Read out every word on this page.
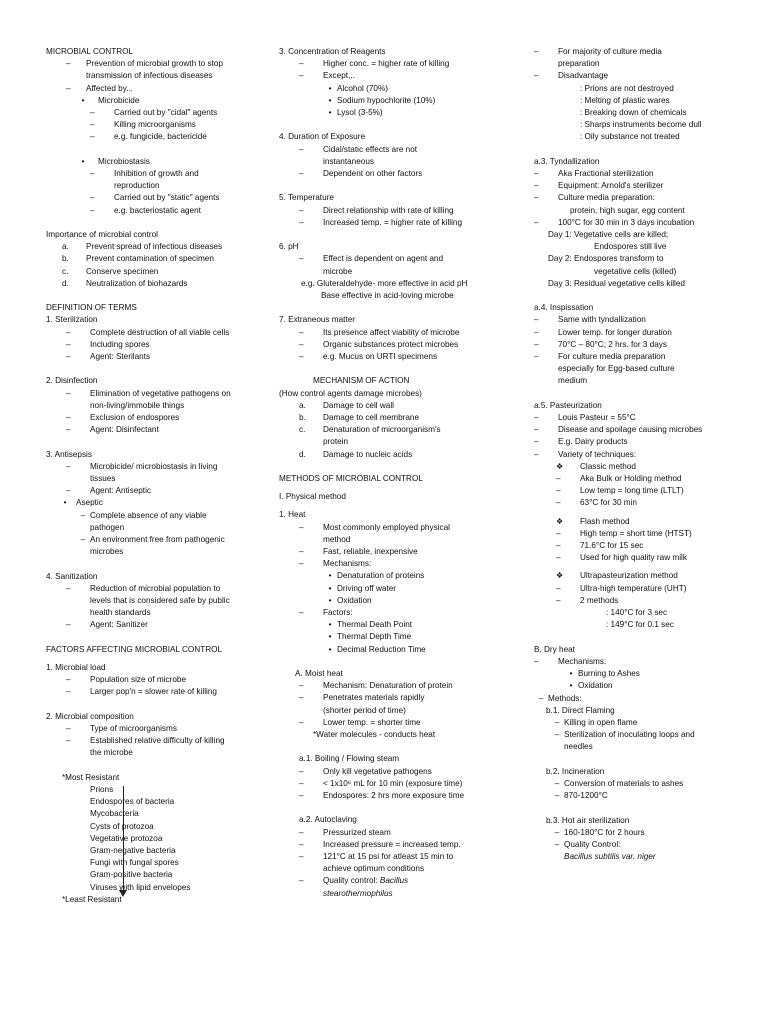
MICROBIAL CONTROL
– Prevention of microbial growth to stop
transmission of infectious diseases
– Affected by...
• Microbicide
– Carried out by "cidal" agents
– Killing microorganisms
– e.g. fungicide, bactericide
• Microbiostasis
– Inhibition of growth and
reproduction
– Carried out by "static" agents
– e.g. bacteriostatic agent
Importance of microbial control
a. Prevent spread of infectious diseases
b. Prevent contamination of specimen
c. Conserve specimen
d. Neutralization of biohazards
DEFINITION OF TERMS
1. Sterilization
– Complete destruction of all viable cells
– Including spores
– Agent: Sterilants
2. Disinfection
– Elimination of vegetative pathogens on
non-living/immobile things
– Exclusion of endospores
– Agent: Disinfectant
3. Antisepsis
– Microbicide/ microbiostasis in living
tissues
– Agent: Antiseptic
• Aseptic
– Complete absence of any viable
pathogen
– An environment free from pathogenic
microbes
4. Sanitization
– Reduction of microbial population to
levels that is considered safe by public
health standards
– Agent: Sanitizer
FACTORS AFFECTING MICROBIAL CONTROL
1. Microbial load
– Population size of microbe
– Larger pop'n = slower rate of killing
2. Microbial composition
– Type of microorganisms
– Established relative difficulty of killing
the microbe
*Most Resistant
Prions
Endospores of bacteria
Mycobacteria
Cysts of protozoa
Vegetative protozoa
Gram-negative bacteria
Fungi with fungal spores
Gram-positive bacteria
Viruses with lipid envelopes
*Least Resistant
3. Concentration of Reagents
– Higher conc. = higher rate of killing
– Except...
• Alcohol (70%)
• Sodium hypochlorite (10%)
• Lysol (3-5%)
4. Duration of Exposure
– Cidal/static effects are not
instantaneous
– Dependent on other factors
5. Temperature
– Direct relationship with rate of killing
– Increased temp. = higher rate of killing
6. pH
– Effect is dependent on agent and
microbe
e.g. Gluteraldehyde- more effective in acid pH
Base effective in acid-loving microbe
7. Extraneous matter
– Its presence affect viability of microbe
– Organic substances protect microbes
– e.g. Mucus on URTI specimens
MECHANISM OF ACTION
(How control agents damage microbes)
a. Damage to cell wall
b. Damage to cell membrane
c. Denaturation of microorganism's
protein
d. Damage to nucleic acids
METHODS OF MICROBIAL CONTROL
I. Physical method
1. Heat
– Most commonly employed physical
method
– Fast, reliable, inexpensive
– Mechanisms:
• Denaturation of proteins
• Driving off water
• Oxidation
– Factors:
• Thermal Death Point
• Thermal Depth Time
• Decimal Reduction Time
A. Moist heat
– Mechanism: Denaturation of protein
– Penetrates materials rapidly
(shorter period of time)
– Lower temp. = shorter time
*Water molecules - conducts heat
a.1. Boiling / Flowing steam
– Only kill vegetative pathogens
– < 1x10⁶ mL for 10 min (exposure time)
– Endospores: 2 hrs more exposure time
a.2. Autoclaving
– Pressurized steam
– Increased pressure = increased temp.
– 121°C at 15 psi for atleast 15 min to
achieve optimum conditions
– Quality control: Bacillus
stearothermophilus
– For majority of culture media
preparation
– Disadvantage
: Prions are not destroyed
: Melting of plastic wares
: Breaking down of chemicals
: Sharps instruments become dull
: Oily substance not treated
a.3. Tyndallization
– Aka Fractional sterilization
– Equipment: Arnold's sterilizer
– Culture media preparation:
protein, high sugar, egg content
– 100°C for 30 min in 3 days incubation
Day 1: Vegetative cells are killed;
Endospores still live
Day 2: Endospores transform to
vegetative cells (killed)
Day 3: Residual vegetative cells killed
a.4. Inspissation
– Same with tyndallization
– Lower temp. for longer duration
– 70°C – 80°C; 2 hrs. for 3 days
– For culture media preparation
especially for Egg-based culture
medium
a.5. Pasteurization
– Louis Pasteur = 55°C
– Disease and spoilage causing microbes
– E.g. Dairy products
– Variety of techniques:
❖ Classic method
– Aka Bulk or Holding method
– Low temp = long time (LTLT)
– 63°C for 30 min
❖ Flash method
– High temp = short time (HTST)
– 71.6°C for 15 sec
– Used for high quality raw milk
❖ Ultrapasteurization method
– Ultra-high temperature (UHT)
– 2 methods
: 140°C for 3 sec
: 149°C for 0.1 sec
B. Dry heat
– Mechanisms:
• Burning to Ashes
• Oxidation
– Methods:
b.1. Direct Flaming
– Killing in open flame
– Sterilization of inoculating loops and
needles
b.2. Incineration
– Conversion of materials to ashes
– 870-1200°C
b.3. Hot air sterilization
– 160-180°C for 2 hours
– Quality Control:
Bacillus subtilis var. niger
